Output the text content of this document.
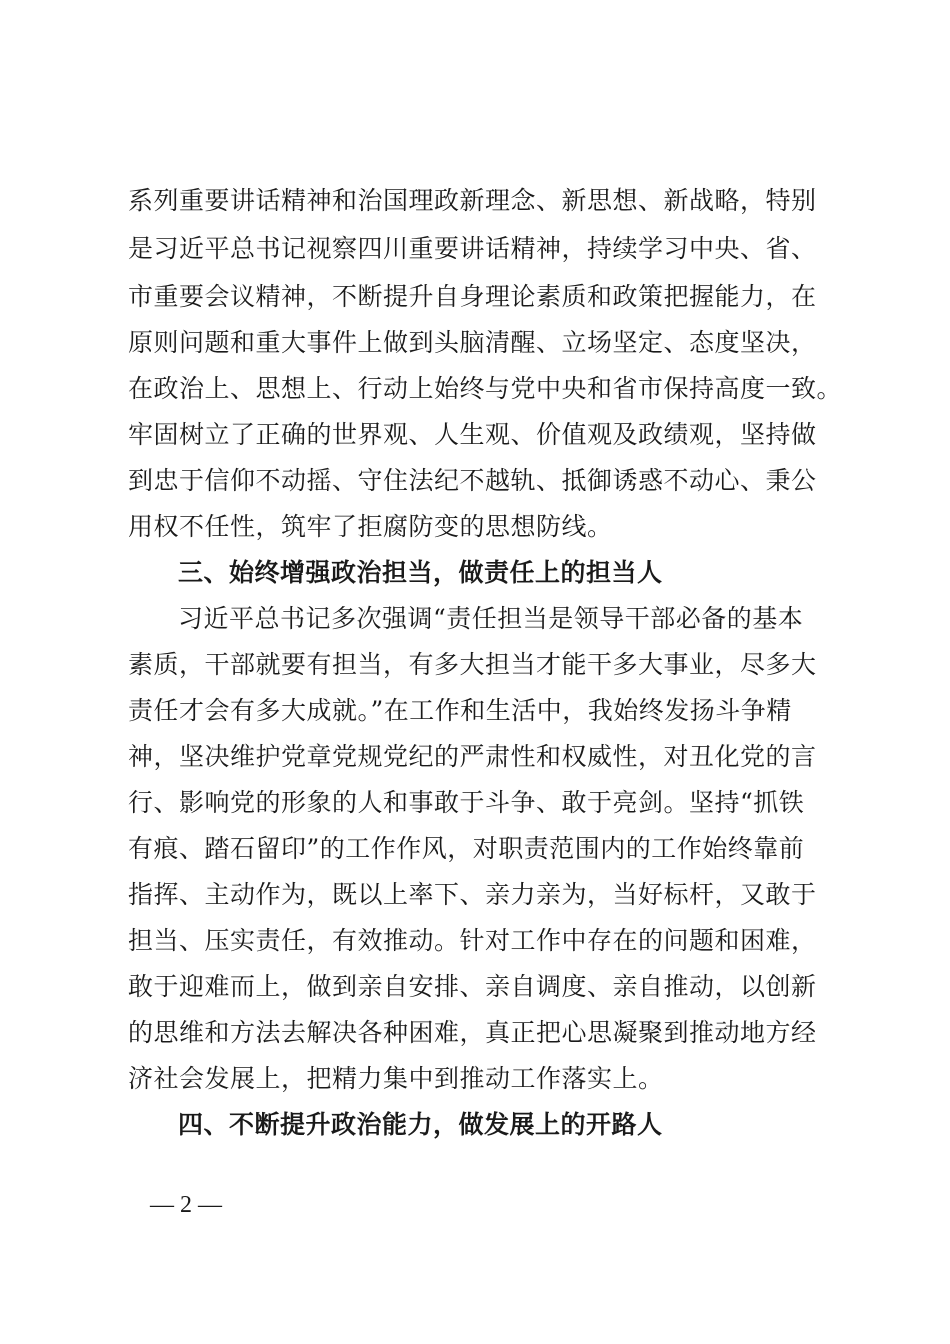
系列重要讲话精神和治国理政新理念、新思想、新战略，特别
是习近平总书记视察四川重要讲话精神，持续学习中央、省、
市重要会议精神，不断提升自身理论素质和政策把握能力，在
原则问题和重大事件上做到头脑清醒、立场坚定、态度坚决，
在政治上、思想上、行动上始终与党中央和省市保持高度一致。
牢固树立了正确的世界观、人生观、价值观及政绩观，坚持做
到忠于信仰不动摇、守住法纪不越轨、抵御诱惑不动心、秉公
用权不任性，筑牢了拒腐防变的思想防线。
三、始终增强政治担当，做责任上的担当人
习近平总书记多次强调“责任担当是领导干部必备的基本
素质，干部就要有担当，有多大担当才能干多大事业，尽多大
责任才会有多大成就。”在工作和生活中，我始终发扬斗争精
神，坚决维护党章党规党纪的严肃性和权威性，对丑化党的言
行、影响党的形象的人和事敢于斗争、敢于亮剑。坚持“抓铁
有痕、踏石留印”的工作作风，对职责范围内的工作始终靠前
指挥、主动作为，既以上率下、亲力亲为，当好标杆，又敢于
担当、压实责任，有效推动。针对工作中存在的问题和困难，
敢于迎难而上，做到亲自安排、亲自调度、亲自推动，以创新
的思维和方法去解决各种困难，真正把心思凝聚到推动地方经
济社会发展上，把精力集中到推动工作落实上。
四、不断提升政治能力，做发展上的开路人
— 2 —
